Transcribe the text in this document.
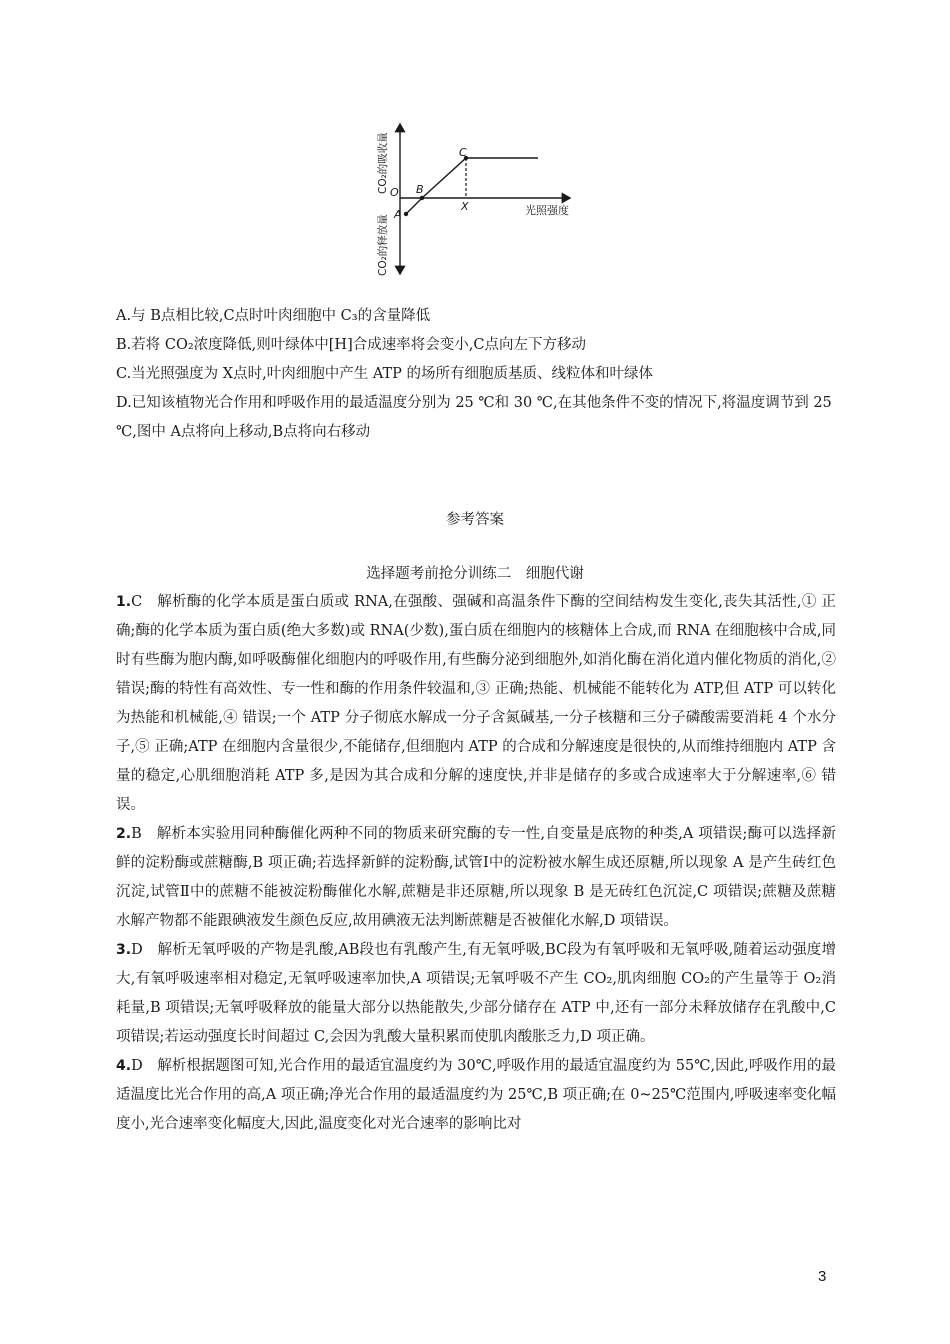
O
A
B
C
X	光照强度
CO₂的吸收量
CO₂的释放量

A.与 B点相比较,C点时叶肉细胞中 C₃的含量降低

B.若将 CO₂浓度降低,则叶绿体中[H]合成速率将会变小,C点向左下方移动

C.当光照强度为 X点时,叶肉细胞中产生 ATP 的场所有细胞质基质、线粒体和叶绿体

D.已知该植物光合作用和呼吸作用的最适温度分别为 25 ℃和 30 ℃,在其他条件不变的情况下,将温度调节到 25 ℃,图中 A点将向上移动,B点将向右移动

参考答案
选择题考前抢分训练二　细胞代谢

1.C　解析酶的化学本质是蛋白质或 RNA,在强酸、强碱和高温条件下酶的空间结构发生变化,丧失其活性,① 正确;酶的化学本质为蛋白质(绝大多数)或 RNA(少数),蛋白质在细胞内的核糖体上合成,而 RNA 在细胞核中合成,同时有些酶为胞内酶,如呼吸酶催化细胞内的呼吸作用,有些酶分泌到细胞外,如消化酶在消化道内催化物质的消化,② 错误;酶的特性有高效性、专一性和酶的作用条件较温和,③ 正确;热能、机械能不能转化为 ATP,但 ATP 可以转化为热能和机械能,④ 错误;一个 ATP 分子彻底水解成一分子含氮碱基,一分子核糖和三分子磷酸需要消耗 4 个水分子,⑤ 正确;ATP 在细胞内含量很少,不能储存,但细胞内 ATP 的合成和分解速度是很快的,从而维持细胞内 ATP 含量的稳定,心肌细胞消耗 ATP 多,是因为其合成和分解的速度快,并非是储存的多或合成速率大于分解速率,⑥ 错误。

2.B　解析本实验用同种酶催化两种不同的物质来研究酶的专一性,自变量是底物的种类,A 项错误;酶可以选择新鲜的淀粉酶或蔗糖酶,B 项正确;若选择新鲜的淀粉酶,试管Ⅰ中的淀粉被水解生成还原糖,所以现象 A 是产生砖红色沉淀,试管Ⅱ中的蔗糖不能被淀粉酶催化水解,蔗糖是非还原糖,所以现象 B 是无砖红色沉淀,C 项错误;蔗糖及蔗糖水解产物都不能跟碘液发生颜色反应,故用碘液无法判断蔗糖是否被催化水解,D 项错误。

3.D　解析无氧呼吸的产物是乳酸,AB段也有乳酸产生,有无氧呼吸,BC段为有氧呼吸和无氧呼吸,随着运动强度增大,有氧呼吸速率相对稳定,无氧呼吸速率加快,A 项错误;无氧呼吸不产生 CO₂,肌肉细胞 CO₂的产生量等于 O₂消耗量,B 项错误;无氧呼吸释放的能量大部分以热能散失,少部分储存在 ATP 中,还有一部分未释放储存在乳酸中,C 项错误;若运动强度长时间超过 C,会因为乳酸大量积累而使肌肉酸胀乏力,D 项正确。

4.D　解析根据题图可知,光合作用的最适宜温度约为 30℃,呼吸作用的最适宜温度约为 55℃,因此,呼吸作用的最适温度比光合作用的高,A 项正确;净光合作用的最适温度约为 25℃,B 项正确;在 0~25℃范围内,呼吸速率变化幅度小,光合速率变化幅度大,因此,温度变化对光合速率的影响比对

3
